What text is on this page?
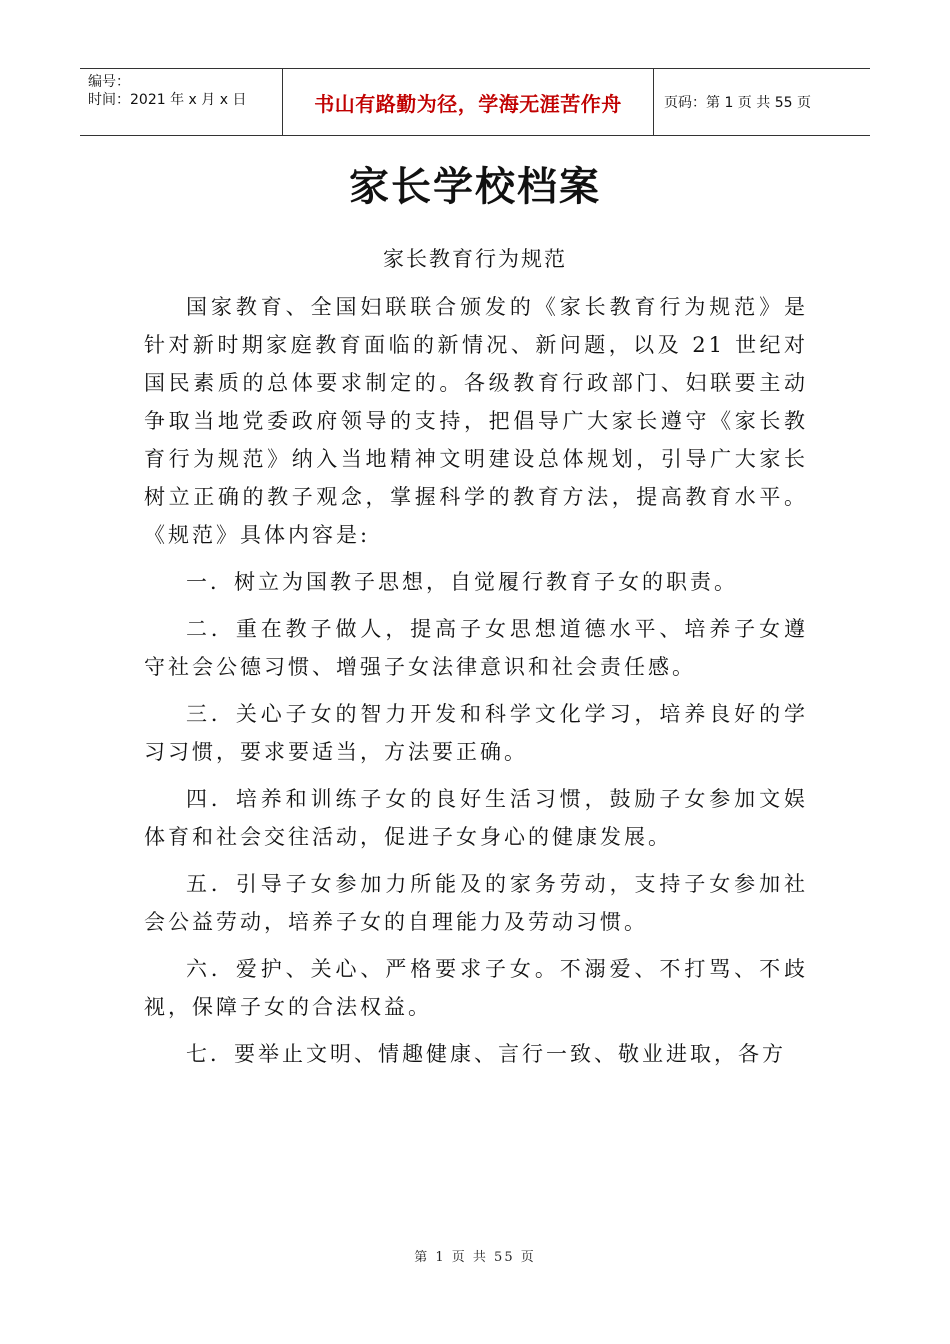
编号：
时间：2021 年 x 月 x 日	书山有路勤为径，学海无涯苦作舟	页码：第 1 页 共 55 页
家长学校档案
家长教育行为规范

国家教育、全国妇联联合颁发的《家长教育行为规范》是针对新时期家庭教育面临的新情况、新问题，以及 21 世纪对国民素质的总体要求制定的。各级教育行政部门、妇联要主动争取当地党委政府领导的支持，把倡导广大家长遵守《家长教育行为规范》纳入当地精神文明建设总体规划，引导广大家长树立正确的教子观念，掌握科学的教育方法，提高教育水平。《规范》具体内容是:

一．树立为国教子思想，自觉履行教育子女的职责。

二．重在教子做人，提高子女思想道德水平、培养子女遵守社会公德习惯、增强子女法律意识和社会责任感。

三．关心子女的智力开发和科学文化学习，培养良好的学习习惯，要求要适当，方法要正确。

四．培养和训练子女的良好生活习惯，鼓励子女参加文娱体育和社会交往活动，促进子女身心的健康发展。

五．引导子女参加力所能及的家务劳动，支持子女参加社会公益劳动，培养子女的自理能力及劳动习惯。

六．爱护、关心、严格要求子女。不溺爱、不打骂、不歧视，保障子女的合法权益。

七．要举止文明、情趣健康、言行一致、敬业进取，各方

第 1 页 共 55 页
